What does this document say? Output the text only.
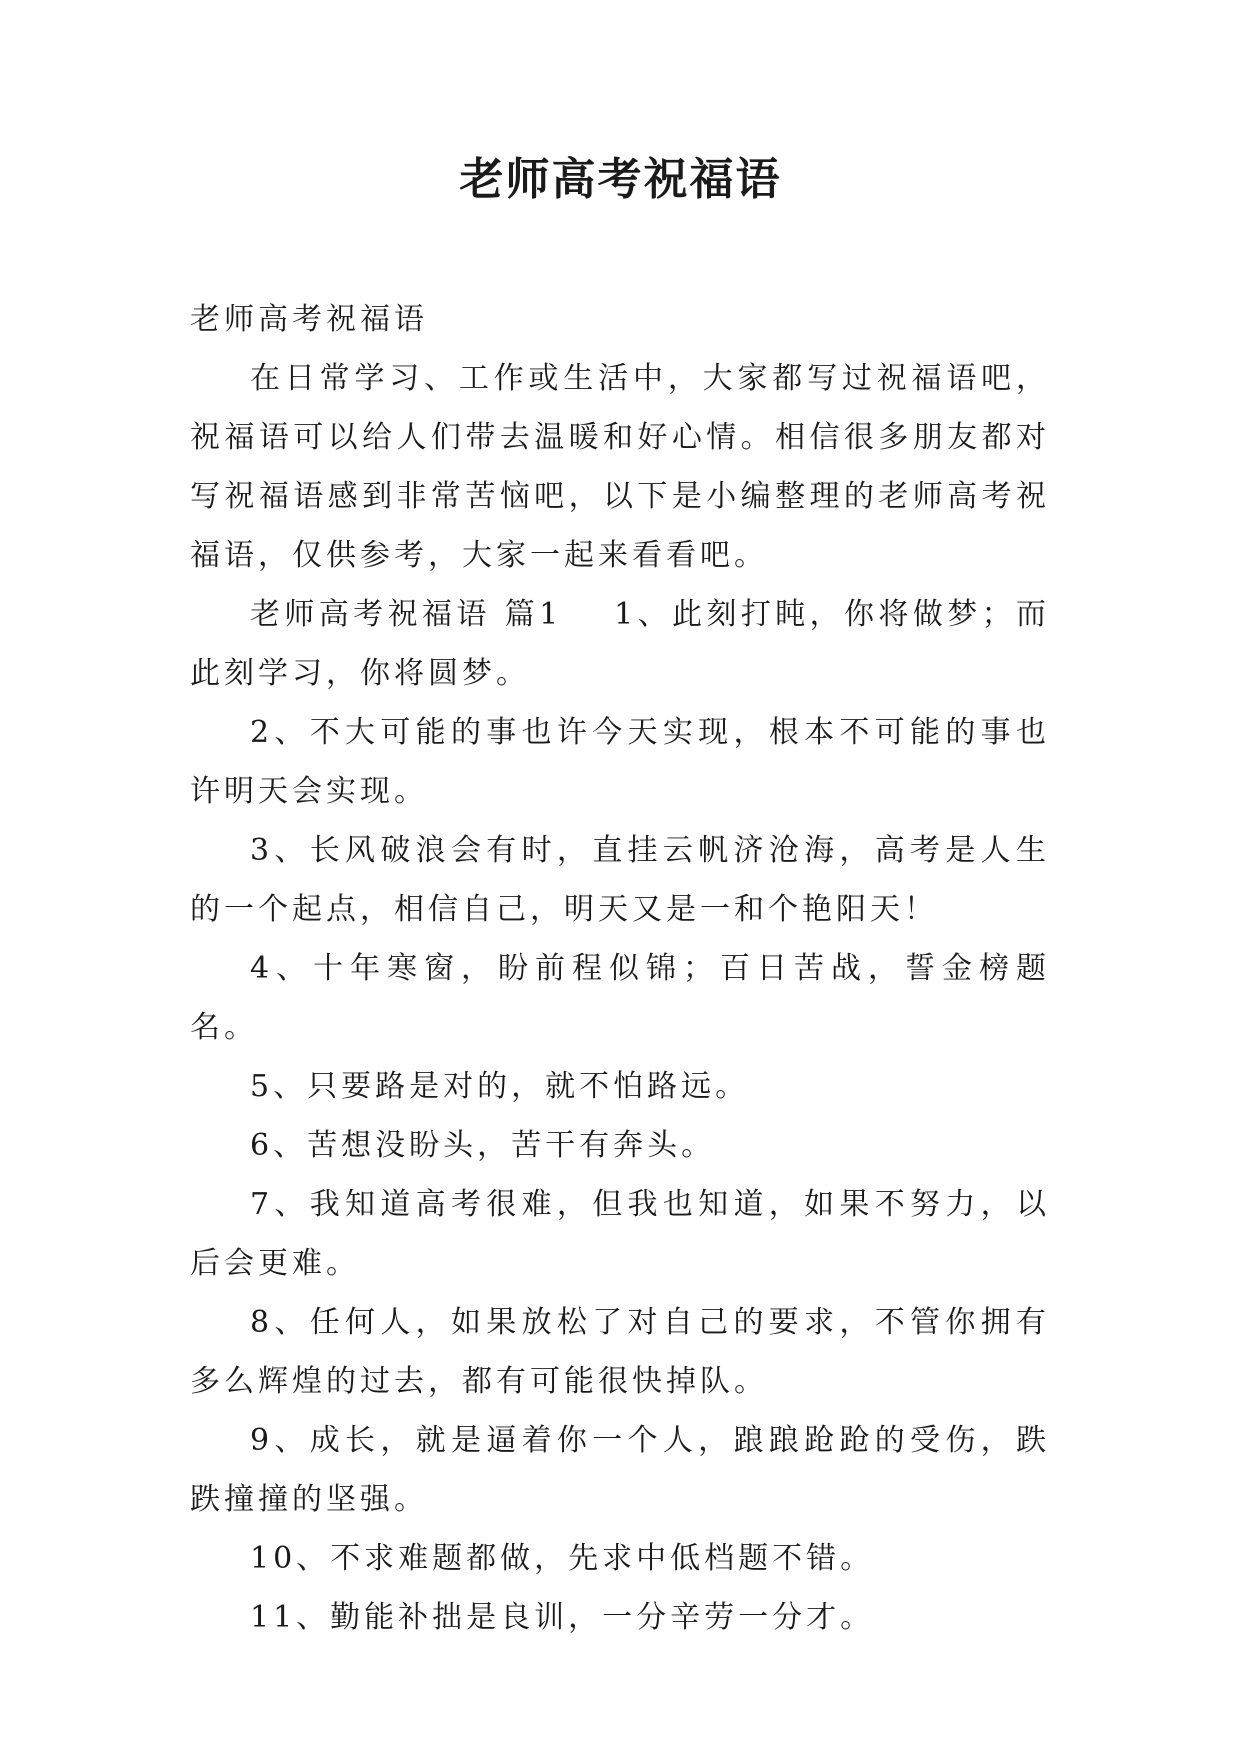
老师高考祝福语

老师高考祝福语

在日常学习、工作或生活中，大家都写过祝福语吧，祝福语可以给人们带去温暖和好心情。相信很多朋友都对写祝福语感到非常苦恼吧，以下是小编整理的老师高考祝福语，仅供参考，大家一起来看看吧。

老师高考祝福语 篇1 1、此刻打盹，你将做梦；而此刻学习，你将圆梦。

2、不大可能的事也许今天实现，根本不可能的事也许明天会实现。

3、长风破浪会有时，直挂云帆济沧海，高考是人生的一个起点，相信自己，明天又是一和个艳阳天！

4、十年寒窗，盼前程似锦；百日苦战，誓金榜题名。

5、只要路是对的，就不怕路远。

6、苦想没盼头，苦干有奔头。

7、我知道高考很难，但我也知道，如果不努力，以后会更难。

8、任何人，如果放松了对自己的要求，不管你拥有多么辉煌的过去，都有可能很快掉队。

9、成长，就是逼着你一个人，踉踉跄跄的受伤，跌跌撞撞的坚强。

10、不求难题都做，先求中低档题不错。

11、勤能补拙是良训，一分辛劳一分才。
